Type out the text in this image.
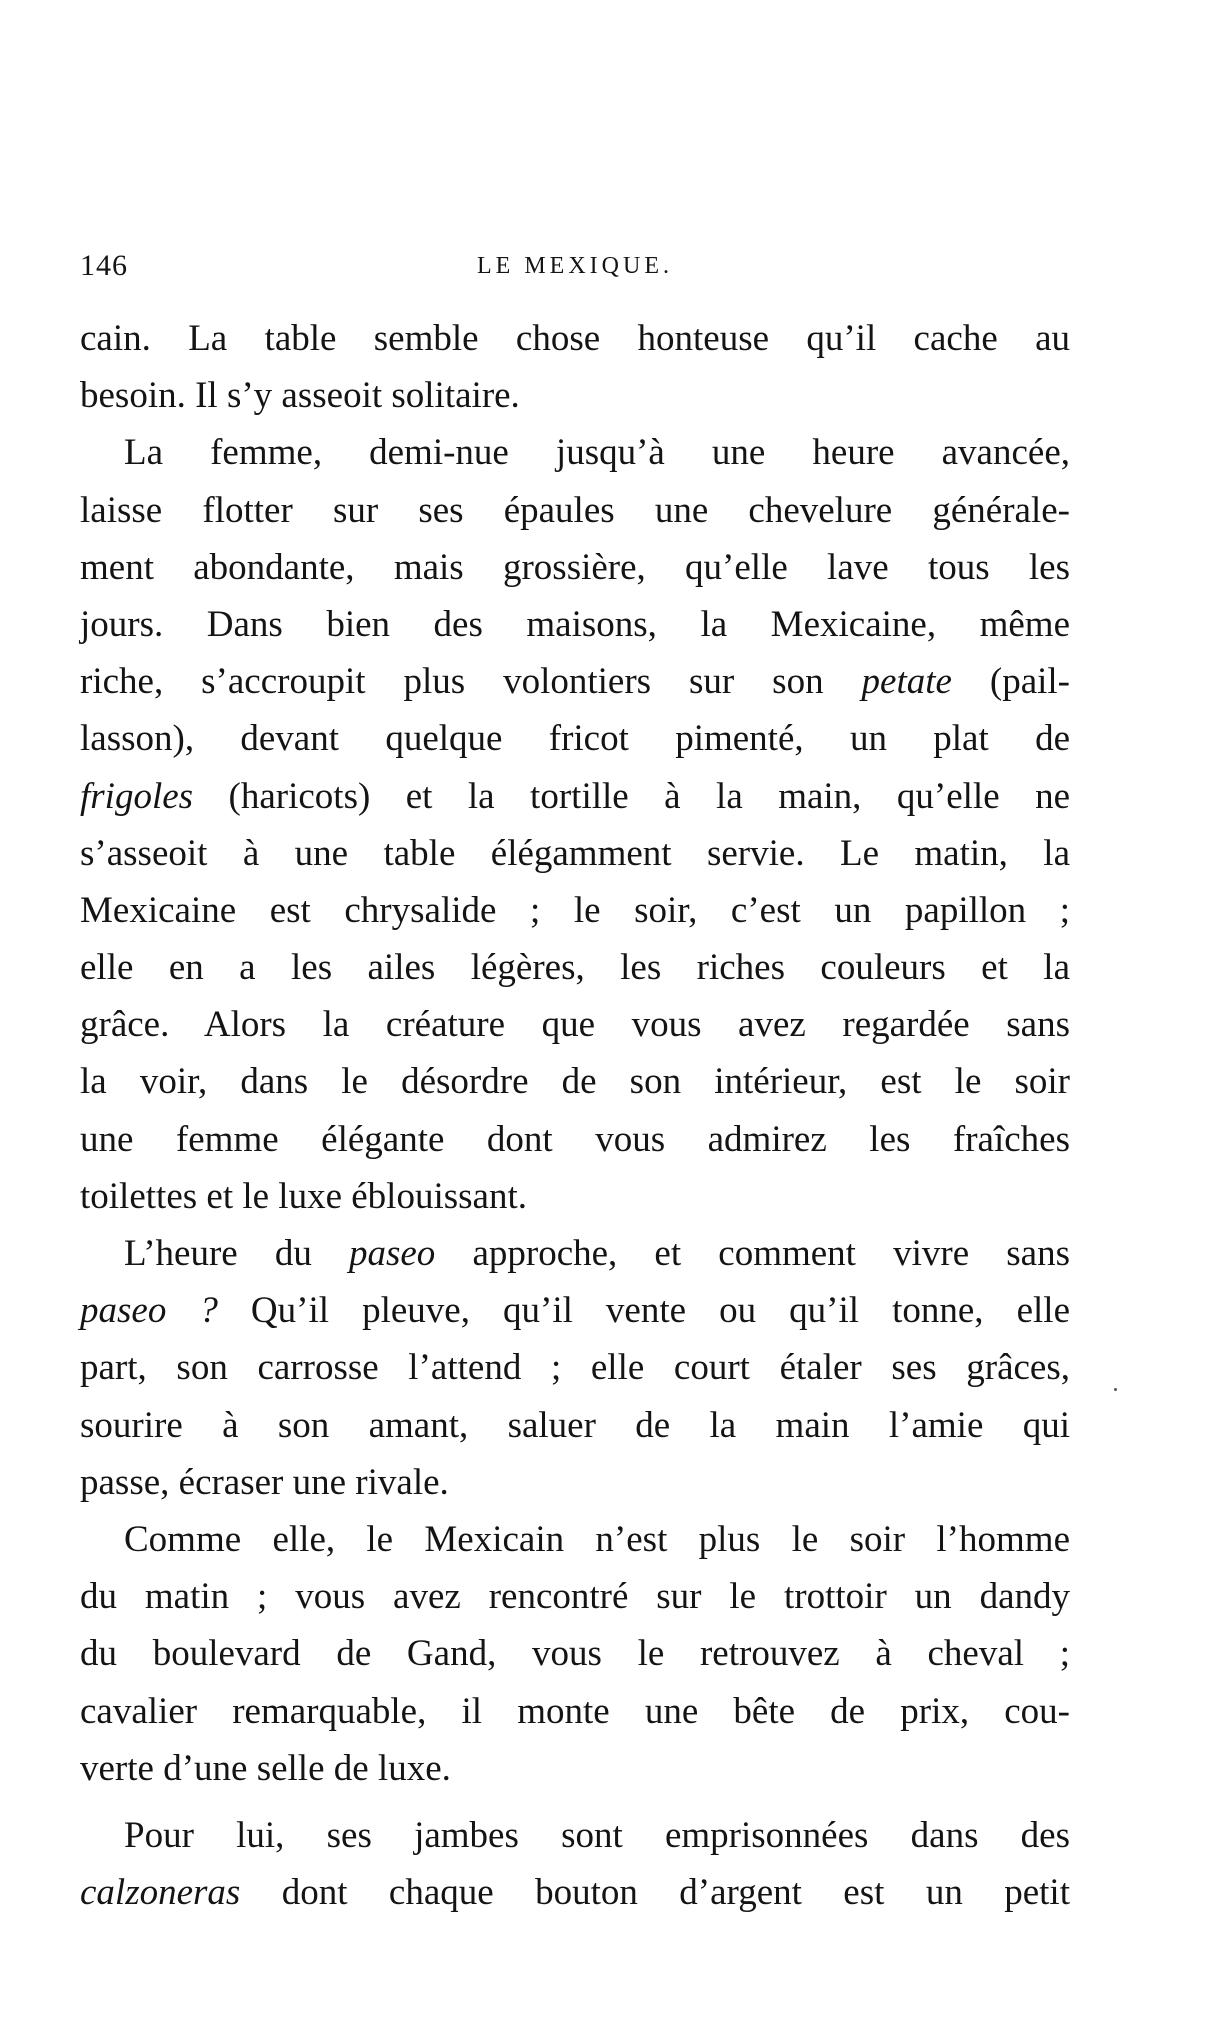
146	LE MEXIQUE.
cain. La table semble chose honteuse qu’il cache au
besoin. Il s’y asseoit solitaire.
La femme, demi-nue jusqu’à une heure avancée,
laisse flotter sur ses épaules une chevelure générale-
ment abondante, mais grossière, qu’elle lave tous les
jours. Dans bien des maisons, la Mexicaine, même
riche, s’accroupit plus volontiers sur son petate (pail-
lasson), devant quelque fricot pimenté, un plat de
frigoles (haricots) et la tortille à la main, qu’elle ne
s’asseoit à une table élégamment servie. Le matin, la
Mexicaine est chrysalide ; le soir, c’est un papillon ;
elle en a les ailes légères, les riches couleurs et la
grâce. Alors la créature que vous avez regardée sans
la voir, dans le désordre de son intérieur, est le soir
une femme élégante dont vous admirez les fraîches
toilettes et le luxe éblouissant.
L’heure du paseo approche, et comment vivre sans
paseo ? Qu’il pleuve, qu’il vente ou qu’il tonne, elle
part, son carrosse l’attend ; elle court étaler ses grâces,
sourire à son amant, saluer de la main l’amie qui
passe, écraser une rivale.
Comme elle, le Mexicain n’est plus le soir l’homme
du matin ; vous avez rencontré sur le trottoir un dandy
du boulevard de Gand, vous le retrouvez à cheval ;
cavalier remarquable, il monte une bête de prix, cou-
verte d’une selle de luxe.
Pour lui, ses jambes sont emprisonnées dans des
calzoneras dont chaque bouton d’argent est un petit
